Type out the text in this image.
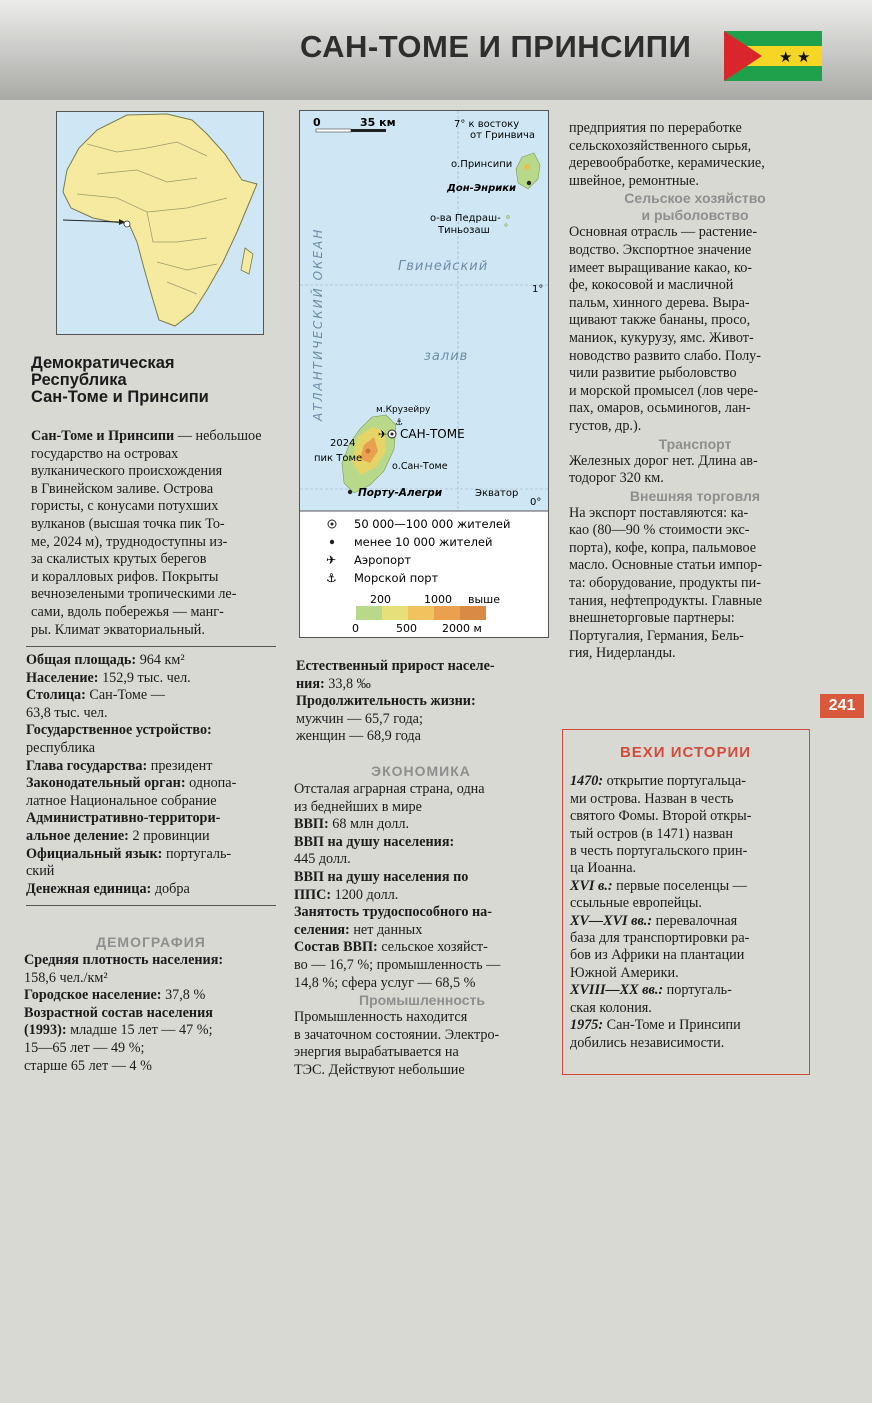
САН-ТОМЕ И ПРИНСИПИ	★ ★
Демократическая
Республика
Сан-Томе и Принсипи

Сан-Томе и Принсипи — небольшое государство на островах

вулканического происхождения

в Гвинейском заливе. Острова

гористы, с конусами потухших

вулканов (высшая точка пик То-

ме, 2024 м), труднодоступны из-

за скалистых крутых берегов

и коралловых рифов. Покрыты

вечнозелеными тропическими ле-

сами, вдоль побережья — манг-

ры. Климат экваториальный.

Общая площадь: 964 км²

Население: 152,9 тыс. чел.

Столица: Сан-Томе —

63,8 тыс. чел.

Государственное устройство:

республика

Глава государства: президент

Законодательный орган: однопа-

латное Национальное собрание

Административно-территори-

альное деление: 2 провинции

Официальный язык: португаль-

ский

Денежная единица: добра

ДЕМОГРАФИЯ

Средняя плотность населения:

158,6 чел./км²

Городское население: 37,8 %

Возрастной состав населения

(1993): младше 15 лет — 47 %;

15—65 лет — 49 %;

старше 65 лет — 4 %

0	35 км	7° к востоку
от Гринвича
АТЛАНТИЧЕСКИЙ ОКЕАН	Гвинейский
залив
о.Принсипи
Дон-Энрики
о-ва Педраш-
Тиньозаш
1°
0°
Экватор
м.Крузейру
⚓
✈ САН-ТОМЕ
2024
пик Томе
о.Сан-Томе
Порту-Алегри
50 000—100 000 жителей
менее 10 000 жителей
✈ Аэропорт
⚓ Морской порт
200	1000 выше
0	500 2000 м

Естественный прирост населе-

ния: 33,8 ‰

Продолжительность жизни:

мужчин — 65,7 года;

женщин — 68,9 года

ЭКОНОМИКА

Отсталая аграрная страна, одна

из беднейших в мире

ВВП: 68 млн долл.

ВВП на душу населения:

445 долл.

ВВП на душу населения по

ППС: 1200 долл.

Занятость трудоспособного на-

селения: нет данных

Состав ВВП: сельское хозяйст-

во — 16,7 %; промышленность —

14,8 %; сфера услуг — 68,5 %

Промышленность

Промышленность находится

в зачаточном состоянии. Электро-

энергия вырабатывается на

ТЭС. Действуют небольшие

предприятия по переработке

сельскохозяйственного сырья,

деревообработке, керамические,

швейное, ремонтные.

Сельское хозяйство
и рыболовство

Основная отрасль — растение-

водство. Экспортное значение

имеет выращивание какао, ко-

фе, кокосовой и масличной

пальм, хинного дерева. Выра-

щивают также бананы, просо,

маниок, кукурузу, ямс. Живот-

новодство развито слабо. Полу-

чили развитие рыболовство

и морской промысел (лов чере-

пах, омаров, осьминогов, лан-

густов, др.).

Транспорт

Железных дорог нет. Длина ав-

тодорог 320 км.

Внешняя торговля

На экспорт поставляются: ка-

као (80—90 % стоимости экс-

порта), кофе, копра, пальмовое

масло. Основные статьи импор-

та: оборудование, продукты пи-

тания, нефтепродукты. Главные

внешнеторговые партнеры:

Португалия, Германия, Бель-

гия, Нидерланды.

241
ВЕХИ ИСТОРИИ

1470: открытие португальца-

ми острова. Назван в честь

святого Фомы. Второй откры-

тый остров (в 1471) назван

в честь португальского прин-

ца Иоанна.

XVI в.: первые поселенцы —

ссыльные европейцы.

XV—XVI вв.: перевалочная

база для транспортировки ра-

бов из Африки на плантации

Южной Америки.

XVIII—XX вв.: португаль-

ская колония.

1975: Сан-Томе и Принсипи

добились независимости.
